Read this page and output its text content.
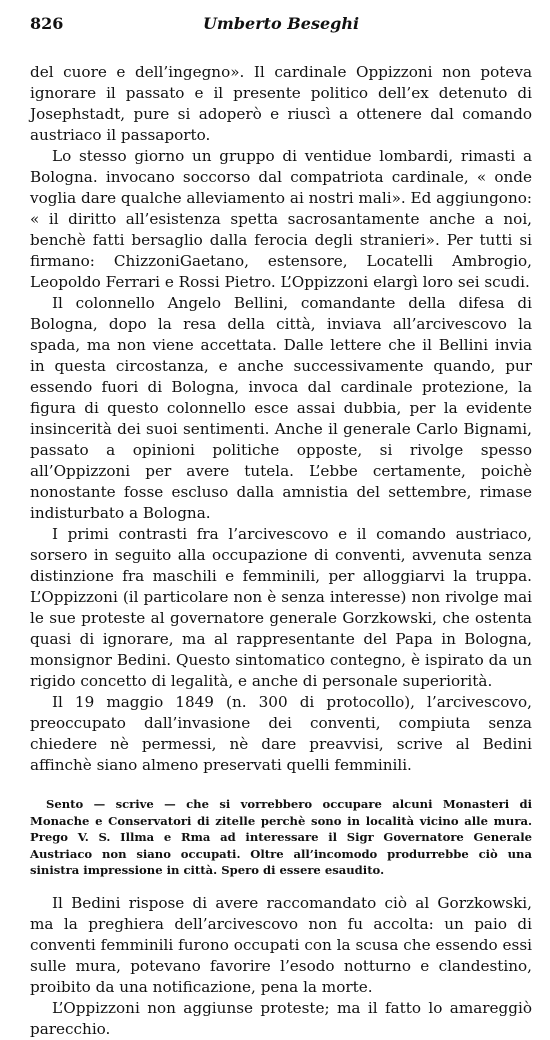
826	Umberto Beseghi

del cuore e dell’ingegno». Il cardinale Oppizzoni non poteva ignorare il passato e il presente politico dell’ex detenuto di Josephstadt, pure si adoperò e riuscì a ottenere dal comando austriaco il passaporto.

Lo stesso giorno un gruppo di ventidue lombardi, rimasti a Bologna. invocano soccorso dal compatriota cardinale, « onde voglia dare qualche alleviamento ai nostri mali». Ed aggiungono: « il diritto all’esistenza spetta sacrosantamente anche a noi, benchè fatti bersaglio dalla ferocia degli stranieri». Per tutti si firmano: ChizzoniGaetano, estensore, Locatelli Ambrogio, Leopoldo Ferrari e Rossi Pietro. L’Oppizzoni elargì loro sei scudi.

Il colonnello Angelo Bellini, comandante della difesa di Bologna, dopo la resa della città, inviava all’arcivescovo la spada, ma non viene accettata. Dalle lettere che il Bellini invia in questa circostanza, e anche successivamente quando, pur essendo fuori di Bologna, invoca dal cardinale protezione, la figura di questo colonnello esce assai dubbia, per la evidente insincerità dei suoi sentimenti. Anche il generale Carlo Bignami, passato a opinioni politiche opposte, si rivolge spesso all’Oppizzoni per avere tutela. L’ebbe certamente, poichè nonostante fosse escluso dalla amnistia del settembre, rimase indisturbato a Bologna.

I primi contrasti fra l’arcivescovo e il comando austriaco, sorsero in seguito alla occupazione di conventi, avvenuta senza distinzione fra maschili e femminili, per alloggiarvi la truppa. L’Oppizzoni (il particolare non è senza interesse) non rivolge mai le sue proteste al governatore generale Gorzkowski, che ostenta quasi di ignorare, ma al rappresentante del Papa in Bologna, monsignor Bedini. Questo sintomatico contegno, è ispirato da un rigido concetto di legalità, e anche di personale superiorità.

Il 19 maggio 1849 (n. 300 di protocollo), l’arcivescovo, preoccupato dall’invasione dei conventi, compiuta senza chiedere nè permessi, nè dare preavvisi, scrive al Bedini affinchè siano almeno preservati quelli femminili.

Sento — scrive — che si vorrebbero occupare alcuni Monasteri di Monache e Conservatori di zitelle perchè sono in località vicino alle mura. Prego V. S. Illma e Rma ad interessare il Sigr Governatore Generale Austriaco non siano occupati. Oltre all’incomodo produrrebbe ciò una sinistra impressione in città. Spero di essere esaudito.

Il Bedini rispose di avere raccomandato ciò al Gorzkowski, ma la preghiera dell’arcivescovo non fu accolta: un paio di conventi femminili furono occupati con la scusa che essendo essi sulle mura, potevano favorire l’esodo notturno e clandestino, proibito da una notificazione, pena la morte.

L’Oppizzoni non aggiunse proteste; ma il fatto lo amareggiò parecchio.
